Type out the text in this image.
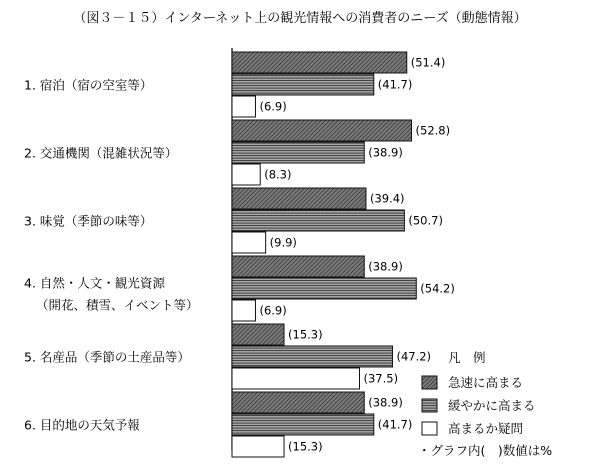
（図３－１５）インターネット上の観光情報への消費者のニーズ（動態情報）
1. 宿泊（宿の空室等）
2. 交通機関（混雑状況等）
3. 味覚（季節の味等）
4. 自然・人文・観光資源
（開花、積雪、イベント等）
5. 名産品（季節の土産品等）
6. 目的地の天気予報
(51.4)
(41.7)
(6.9)
(52.8)
(38.9)
(8.3)
(39.4)
(50.7)
(9.9)
(38.9)
(54.2)
(6.9)
(15.3)
(47.2)
(37.5)
(38.9)
(41.7)
(15.3)
凡　例
急速に高まる
緩やかに高まる
高まるか疑問
・グラフ内(　)数値は%
